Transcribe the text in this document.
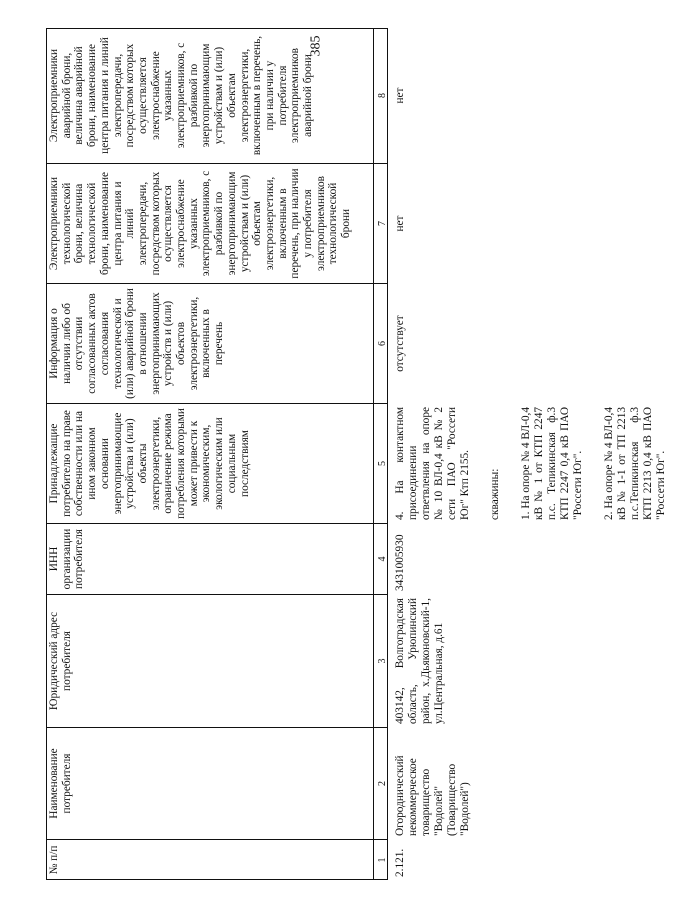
385
№ п/п
Наименование потребителя
Юридический адрес потребителя
ИНН организации потребителя
Принадлежащие потребителю на праве собственности или на ином законном основании энергопринимающие устройства и (или) объекты электроэнергетики, ограничение режима потребления которыми может привести к экономическим, экологическим или социальным последствиям
Информация о наличии либо об отсутствии согласованных актов согласования технологической и (или) аварийной брони в отношении энергопринимающих устройств и (или) объектов электроэнергетики, включенных в перечень
Электроприемники технологической брони, величина технологической брони, наименование центра питания и линий электропередачи, посредством которых осуществляется электроснабжение указанных электроприемников, с разбивкой по энергопринимающим устройствам и (или) объектам электроэнергетики, включенным в перечень, при наличии у потребителя электроприемников технологической брони
Электроприемники аварийной брони, величина аварийной брони, наименование центра питания и линий электропередачи, посредством которых осуществляется электроснабжение указанных электроприемников, с разбивкой по энергопринимающим устройствам и (или) объектам электроэнергетики, включенным в перечень, при наличии у потребителя электроприемников аварийной брони
1
2
3
4
5
6
7
8
2.121.
Огороднический некоммерческое товарищество "Водолей" (Товарищество "Водолей")
403142, Волгоградская область, Урюпинский район, х.Дьяконовский-1, ул.Центральная, д.61
3431005930
4. На контактном присоединении ответвления на опоре № 10 ВЛ-0,4 кВ № 2 сети ПАО "Россети Юг" Ктп 2155. скважины: 1. На опоре № 4 ВЛ-0,4 кВ № 1 от КТП 2247 п.с. Тепикинская ф.3 КТП 2247 0,4 кВ ПАО "Россети Юг". 2. На опоре № 4 ВЛ-0,4 кВ № 1-1 от ТП 2213 п.с.Тепикинская ф.3 КТП 2213 0,4 кВ ПАО "Россети Юг".

отсутствует
нет
нет
